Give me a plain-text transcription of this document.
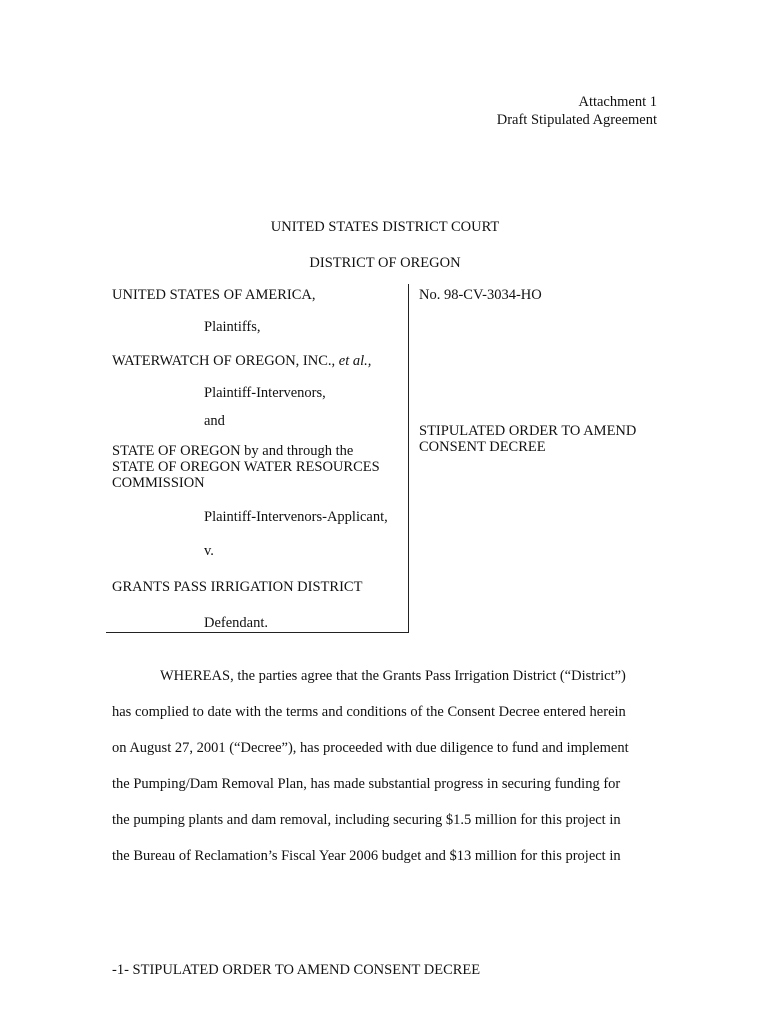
Attachment 1
Draft Stipulated Agreement
UNITED STATES DISTRICT COURT
DISTRICT OF OREGON
UNITED STATES OF AMERICA,
Plaintiffs,
WATERWATCH OF OREGON, INC., et al.,
Plaintiff-Intervenors,
and
STATE OF OREGON by and through the
STATE OF OREGON WATER RESOURCES
COMMISSION
Plaintiff-Intervenors-Applicant,
v.
GRANTS PASS IRRIGATION DISTRICT
Defendant.
No. 98-CV-3034-HO
STIPULATED ORDER TO AMEND
CONSENT DECREE
WHEREAS, the parties agree that the Grants Pass Irrigation District (“District”)
has complied to date with the terms and conditions of the Consent Decree entered herein
on August 27, 2001 (“Decree”), has proceeded with due diligence to fund and implement
the Pumping/Dam Removal Plan, has made substantial progress in securing funding for
the pumping plants and dam removal, including securing $1.5 million for this project in
the Bureau of Reclamation’s Fiscal Year 2006 budget and $13 million for this project in
-1- STIPULATED ORDER TO AMEND CONSENT DECREE
